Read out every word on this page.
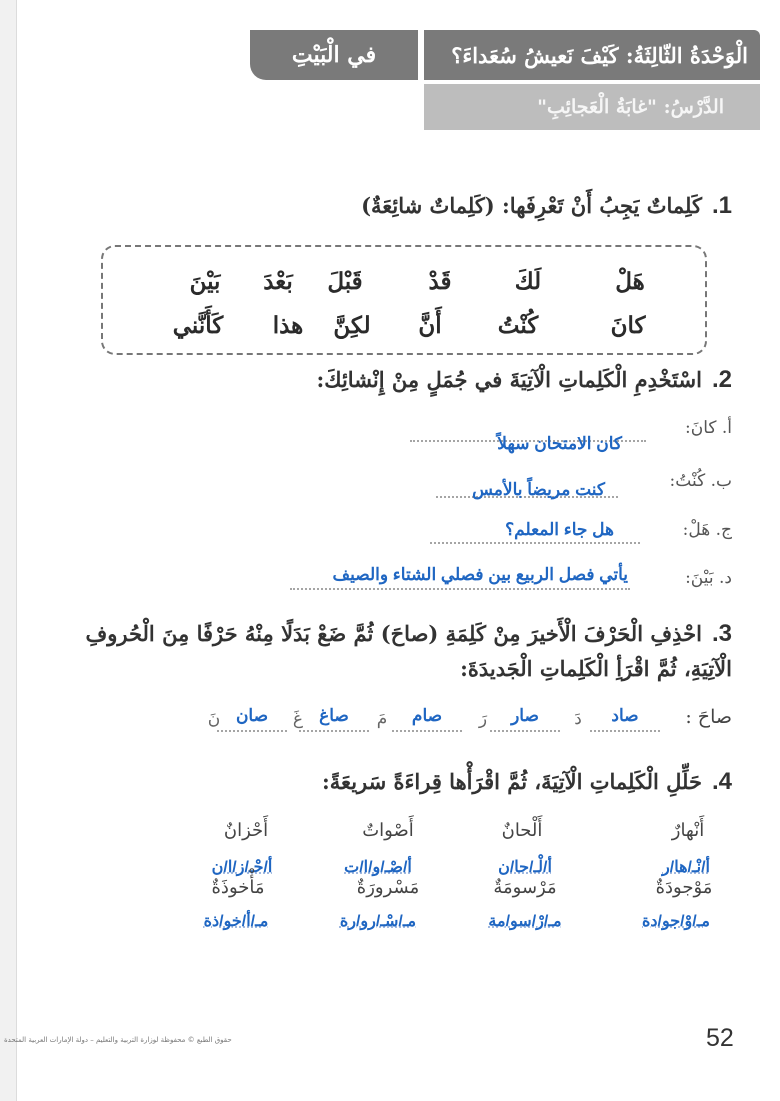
الْوَحْدَةُ الثّالِثَةُ: كَيْفَ نَعيشُ سُعَداءَ؟
في الْبَيْتِ
الدَّرْسُ: "غابَةُ الْعَجائِبِ"
1.كَلِماتٌ يَجِبُ أَنْ تَعْرِفَها: (كَلِماتٌ شائِعَةٌ)
هَلْ
لَكَ
قَدْ
قَبْلَ
بَعْدَ
بَيْنَ
كانَ
كُنْتُ
أَنَّ
لكِنَّ
هذا
كَأَنَّني
2.اسْتَخْدِمِ الْكَلِماتِ الْآتِيَةَ في جُمَلٍ مِنْ إِنْشائِكَ:
أ. كانَ:
كان الامتحان سهلاً
ب. كُنْتُ:
كنت مريضاً بالأمس
ج. هَلْ:
هل جاء المعلم؟
د. بَيْنَ:
يأتي فصل الربيع بين فصلي الشتاء والصيف
3.احْذِفِ الْحَرْفَ الْأَخيرَ مِنْ كَلِمَةِ (صاحَ) ثُمَّ ضَعْ بَدَلًا مِنْهُ حَرْفًا مِنَ الْحُروفِ
الْآتِيَةِ، ثُمَّ اقْرَأِ الْكَلِماتِ الْجَديدَةَ:
صاحَ :
صاد
دَ
صار
رَ
صام
مَ
صاغ
غَ
صان
نَ
4.حَلِّلِ الْكَلِماتِ الْآتِيَةَ، ثُمَّ اقْرَأْها قِراءَةً سَريعَةً:
أَنْهارٌ
أَلْحانٌ
أَصْواتٌ
أَحْزانٌ
أ/نْـ/ها/ر
أ/لْـ/حا/ن
أ/صْـ/و/ا/ت
أ/حْـ/ز/ا/ن
مَوْجودَةٌ
مَرْسومَةٌ
مَسْرورَةٌ
مَأْخوذَةٌ
مـ/وْ/جو/دة
مـ/رْ/سو/مة
مـ/سْـ/رو/رة
مـ/أ/خو/ذة
52
حقوق الطبع © محفوظة لوزارة التربية والتعليم – دولة الإمارات العربية المتحدة
